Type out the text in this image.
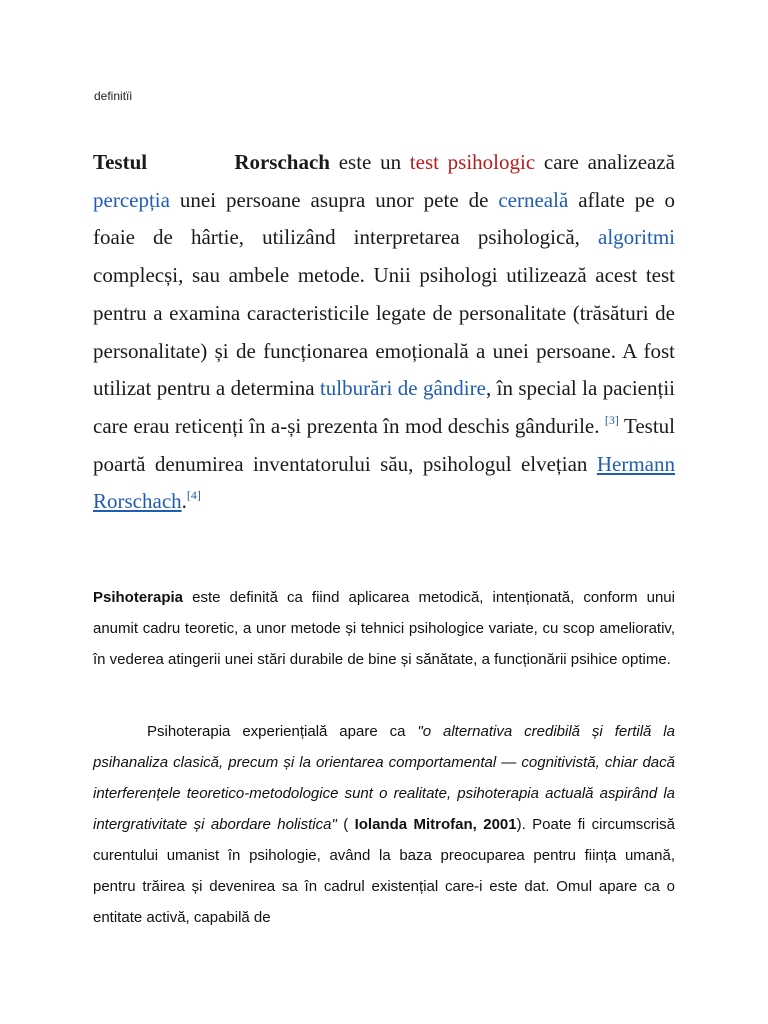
definitïi
Testul	Rorschach este un test psihologic care analizează percepția unei persoane asupra unor pete de cerneală aflate pe o foaie de hârtie, utilizând interpretarea psihologică, algoritmi complecși, sau ambele metode. Unii psihologi utilizează acest test pentru a examina caracteristicile legate de personalitate (trăsături de personalitate) și de funcționarea emoțională a unei persoane. A fost utilizat pentru a determina tulburări de gândire, în special la pacienții care erau reticenți în a-și prezenta în mod deschis gândurile. [3] Testul poartă denumirea inventatorului său, psihologul elvețian Hermann Rorschach.[4]
Psihoterapia este definită ca fiind aplicarea metodică, intenționată, conform unui anumit cadru teoretic, a unor metode și tehnici psihologice variate, cu scop ameliorativ, în vederea atingerii unei stări durabile de bine și sănătate, a funcționării psihice optime.
Psihoterapia experiențială apare ca "o alternativa credibilă și fertilă la psihanaliza clasică, precum și la orientarea comportamental — cognitivistă, chiar dacă interferențele teoretico-metodologice sunt o realitate, psihoterapia actuală aspirând la intergrativitate și abordare holistica" ( Iolanda Mitrofan, 2001). Poate fi circumscrisă curentului umanist în psihologie, având la baza preocuparea pentru ființa umană, pentru trăirea și devenirea sa în cadrul existențial care-i este dat. Omul apare ca o entitate activă, capabilă de
